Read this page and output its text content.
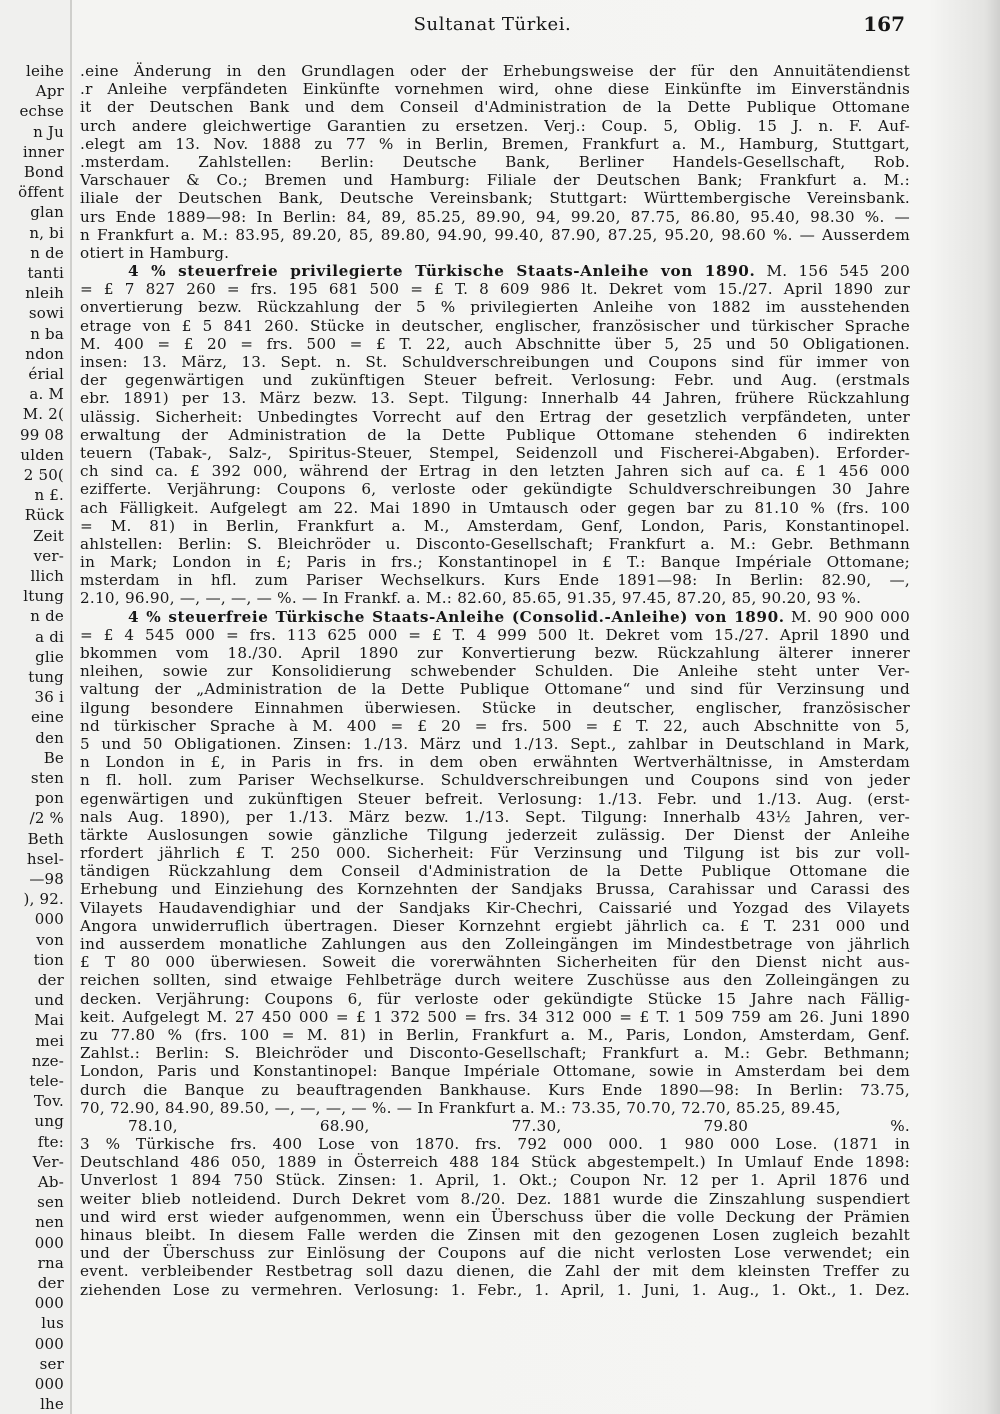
leihe
Apr
echse
n Ju
inner
Bond
öffent
glan
n, bi
n de
tanti
nleih
sowi
n ba
ndon
érial
a. M
M. 2(
99 08
ulden
2 50(
n £.
Rück
Zeit
ver-
llich
ltung
n de
a di
glie
tung
36 i
eine
den
Be
sten
pon
/2 %
Beth
hsel-
—98
), 92.
000
von
tion
der
und
Mai
mei
nze-
tele-
Tov.
ung
fte:
Ver-
Ab-
sen
nen
000
rna
der
000
lus
000
ser
000
lhe
Sultanat Türkei.	167
.eine Änderung in den Grundlagen oder der Erhebungsweise der für den Annuitätendienst
.r Anleihe verpfändeten Einkünfte vornehmen wird, ohne diese Einkünfte im Einverständnis
it der Deutschen Bank und dem Conseil d'Administration de la Dette Publique Ottomane
urch andere gleichwertige Garantien zu ersetzen. Verj.: Coup. 5, Oblig. 15 J. n. F. Auf-
.elegt am 13. Nov. 1888 zu 77 % in Berlin, Bremen, Frankfurt a. M., Hamburg, Stuttgart,
.msterdam. Zahlstellen: Berlin: Deutsche Bank, Berliner Handels-Gesellschaft, Rob.
Varschauer & Co.; Bremen und Hamburg: Filiale der Deutschen Bank; Frankfurt a. M.:
iliale der Deutschen Bank, Deutsche Vereinsbank; Stuttgart: Württembergische Vereinsbank.
urs Ende 1889—98: In Berlin: 84, 89, 85.25, 89.90, 94, 99.20, 87.75, 86.80, 95.40, 98.30 %. —
n Frankfurt a. M.: 83.95, 89.20, 85, 89.80, 94.90, 99.40, 87.90, 87.25, 95.20, 98.60 %. — Ausserdem
otiert in Hamburg.
4 % steuerfreie privilegierte Türkische Staats-Anleihe von 1890. M. 156 545 200
= £ 7 827 260 = frs. 195 681 500 = £ T. 8 609 986 lt. Dekret vom 15./27. April 1890 zur
onvertierung bezw. Rückzahlung der 5 % privilegierten Anleihe von 1882 im ausstehenden
etrage von £ 5 841 260. Stücke in deutscher, englischer, französischer und türkischer Sprache
M. 400 = £ 20 = frs. 500 = £ T. 22, auch Abschnitte über 5, 25 und 50 Obligationen.
insen: 13. März, 13. Sept. n. St. Schuldverschreibungen und Coupons sind für immer von
der gegenwärtigen und zukünftigen Steuer befreit. Verlosung: Febr. und Aug. (erstmals
ebr. 1891) per 13. März bezw. 13. Sept. Tilgung: Innerhalb 44 Jahren, frühere Rückzahlung
ulässig. Sicherheit: Unbedingtes Vorrecht auf den Ertrag der gesetzlich verpfändeten, unter
erwaltung der Administration de la Dette Publique Ottomane stehenden 6 indirekten
teuern (Tabak-, Salz-, Spiritus-Steuer, Stempel, Seidenzoll und Fischerei-Abgaben). Erforder-
ch sind ca. £ 392 000, während der Ertrag in den letzten Jahren sich auf ca. £ 1 456 000
ezifferte. Verjährung: Coupons 6, verloste oder gekündigte Schuldverschreibungen 30 Jahre
ach Fälligkeit. Aufgelegt am 22. Mai 1890 in Umtausch oder gegen bar zu 81.10 % (frs. 100
= M. 81) in Berlin, Frankfurt a. M., Amsterdam, Genf, London, Paris, Konstantinopel.
ahlstellen: Berlin: S. Bleichröder u. Disconto-Gesellschaft; Frankfurt a. M.: Gebr. Bethmann
in Mark; London in £; Paris in frs.; Konstantinopel in £ T.: Banque Impériale Ottomane;
msterdam in hfl. zum Pariser Wechselkurs. Kurs Ende 1891—98: In Berlin: 82.90, —,
2.10, 96.90, —, —, —, — %. — In Frankf. a. M.: 82.60, 85.65, 91.35, 97.45, 87.20, 85, 90.20, 93 %.
4 % steuerfreie Türkische Staats-Anleihe (Consolid.-Anleihe) von 1890. M. 90 900 000
= £ 4 545 000 = frs. 113 625 000 = £ T. 4 999 500 lt. Dekret vom 15./27. April 1890 und
bkommen vom 18./30. April 1890 zur Konvertierung bezw. Rückzahlung älterer innerer
nleihen, sowie zur Konsolidierung schwebender Schulden. Die Anleihe steht unter Ver-
valtung der „Administration de la Dette Publique Ottomane“ und sind für Verzinsung und
ilgung besondere Einnahmen überwiesen. Stücke in deutscher, englischer, französischer
nd türkischer Sprache à M. 400 = £ 20 = frs. 500 = £ T. 22, auch Abschnitte von 5,
5 und 50 Obligationen. Zinsen: 1./13. März und 1./13. Sept., zahlbar in Deutschland in Mark,
n London in £, in Paris in frs. in dem oben erwähnten Wertverhältnisse, in Amsterdam
n fl. holl. zum Pariser Wechselkurse. Schuldverschreibungen und Coupons sind von jeder
egenwärtigen und zukünftigen Steuer befreit. Verlosung: 1./13. Febr. und 1./13. Aug. (erst-
nals Aug. 1890), per 1./13. März bezw. 1./13. Sept. Tilgung: Innerhalb 43½ Jahren, ver-
tärkte Auslosungen sowie gänzliche Tilgung jederzeit zulässig. Der Dienst der Anleihe
rfordert jährlich £ T. 250 000. Sicherheit: Für Verzinsung und Tilgung ist bis zur voll-
tändigen Rückzahlung dem Conseil d'Administration de la Dette Publique Ottomane die
Erhebung und Einziehung des Kornzehnten der Sandjaks Brussa, Carahissar und Carassi des
Vilayets Haudavendighiar und der Sandjaks Kir-Chechri, Caissarié und Yozgad des Vilayets
Angora unwiderruflich übertragen. Dieser Kornzehnt ergiebt jährlich ca. £ T. 231 000 und
ind ausserdem monatliche Zahlungen aus den Zolleingängen im Mindestbetrage von jährlich
£ T 80 000 überwiesen. Soweit die vorerwähnten Sicherheiten für den Dienst nicht aus-
reichen sollten, sind etwaige Fehlbeträge durch weitere Zuschüsse aus den Zolleingängen zu
decken. Verjährung: Coupons 6, für verloste oder gekündigte Stücke 15 Jahre nach Fällig-
keit. Aufgelegt M. 27 450 000 = £ 1 372 500 = frs. 34 312 000 = £ T. 1 509 759 am 26. Juni 1890
zu 77.80 % (frs. 100 = M. 81) in Berlin, Frankfurt a. M., Paris, London, Amsterdam, Genf.
Zahlst.: Berlin: S. Bleichröder und Disconto-Gesellschaft; Frankfurt a. M.: Gebr. Bethmann;
London, Paris und Konstantinopel: Banque Impériale Ottomane, sowie in Amsterdam bei dem
durch die Banque zu beauftragenden Bankhause. Kurs Ende 1890—98: In Berlin: 73.75,
70, 72.90, 84.90, 89.50, —, —, —, — %. — In Frankfurt a. M.: 73.35, 70.70, 72.70, 85.25, 89.45,
78.10, 68.90, 77.30, 79.80 %.
3 % Türkische frs. 400 Lose von 1870. frs. 792 000 000. 1 980 000 Lose. (1871 in
Deutschland 486 050, 1889 in Österreich 488 184 Stück abgestempelt.) In Umlauf Ende 1898:
Unverlost 1 894 750 Stück. Zinsen: 1. April, 1. Okt.; Coupon Nr. 12 per 1. April 1876 und
weiter blieb notleidend. Durch Dekret vom 8./20. Dez. 1881 wurde die Zinszahlung suspendiert
und wird erst wieder aufgenommen, wenn ein Überschuss über die volle Deckung der Prämien
hinaus bleibt. In diesem Falle werden die Zinsen mit den gezogenen Losen zugleich bezahlt
und der Überschuss zur Einlösung der Coupons auf die nicht verlosten Lose verwendet; ein
event. verbleibender Restbetrag soll dazu dienen, die Zahl der mit dem kleinsten Treffer zu
ziehenden Lose zu vermehren. Verlosung: 1. Febr., 1. April, 1. Juni, 1. Aug., 1. Okt., 1. Dez.
